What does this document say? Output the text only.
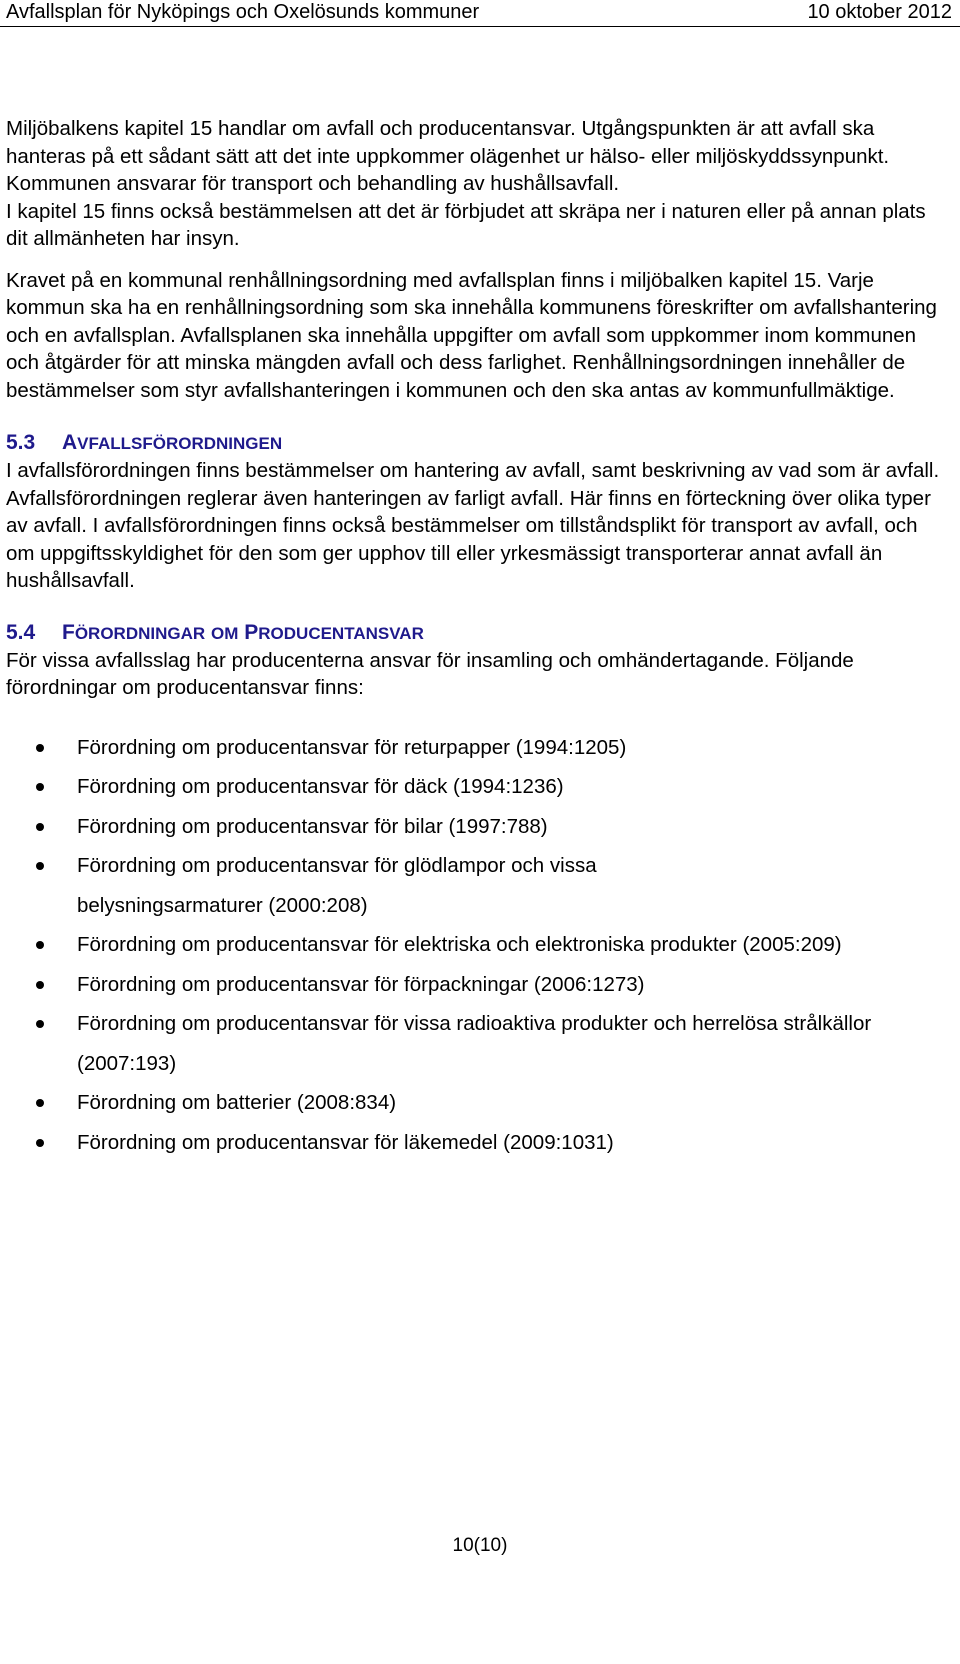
Avfallsplan för Nyköpings och Oxelösunds kommuner	10 oktober 2012

Miljöbalkens kapitel 15 handlar om avfall och producentansvar. Utgångspunkten är att avfall ska hanteras på ett sådant sätt att det inte uppkommer olägenhet ur hälso- eller miljöskyddssynpunkt. Kommunen ansvarar för transport och behandling av hushållsavfall.

I kapitel 15 finns också bestämmelsen att det är förbjudet att skräpa ner i naturen eller på annan plats dit allmänheten har insyn.

Kravet på en kommunal renhållningsordning med avfallsplan finns i miljöbalken kapitel 15. Varje kommun ska ha en renhållningsordning som ska innehålla kommunens föreskrifter om avfallshantering och en avfallsplan. Avfallsplanen ska innehålla uppgifter om avfall som uppkommer inom kommunen och åtgärder för att minska mängden avfall och dess farlighet. Renhållningsordningen innehåller de bestämmelser som styr avfallshanteringen i kommunen och den ska antas av kommunfullmäktige.

5.3 AVFALLSFÖRORDNINGEN

I avfallsförordningen finns bestämmelser om hantering av avfall, samt beskrivning av vad som är avfall. Avfallsförordningen reglerar även hanteringen av farligt avfall. Här finns en förteckning över olika typer av avfall. I avfallsförordningen finns också bestämmelser om tillståndsplikt för transport av avfall, och om uppgiftsskyldighet för den som ger upphov till eller yrkesmässigt transporterar annat avfall än hushållsavfall.

5.4 FÖRORDNINGAR OM PRODUCENTANSVAR

För vissa avfallsslag har producenterna ansvar för insamling och omhändertagande. Följande förordningar om producentansvar finns:

Förordning om producentansvar för returpapper (1994:1205)
Förordning om producentansvar för däck (1994:1236)
Förordning om producentansvar för bilar (1997:788)
Förordning om producentansvar för glödlampor och vissa belysningsarmaturer (2000:208)
Förordning om producentansvar för elektriska och elektroniska produkter (2005:209)
Förordning om producentansvar för förpackningar (2006:1273)
Förordning om producentansvar för vissa radioaktiva produkter och herrelösa strålkällor (2007:193)
Förordning om batterier (2008:834)
Förordning om producentansvar för läkemedel (2009:1031)
10(10)
